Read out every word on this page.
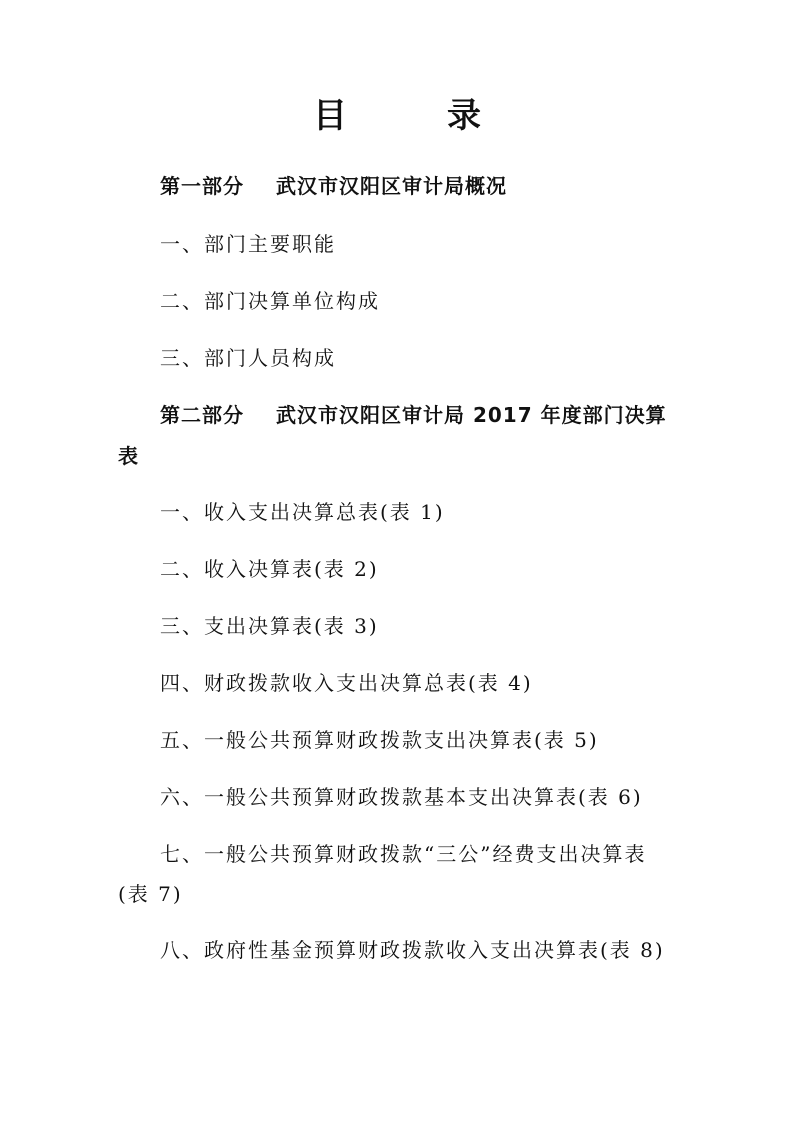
目	录
第一部分 武汉市汉阳区审计局概况
一、部门主要职能
二、部门决算单位构成
三、部门人员构成
第二部分 武汉市汉阳区审计局 2017 年度部门决算
表
一、收入支出决算总表(表 1)
二、收入决算表(表 2)
三、支出决算表(表 3)
四、财政拨款收入支出决算总表(表 4)
五、一般公共预算财政拨款支出决算表(表 5)
六、一般公共预算财政拨款基本支出决算表(表 6)
七、一般公共预算财政拨款“三公”经费支出决算表
(表 7)
八、政府性基金预算财政拨款收入支出决算表(表 8)
